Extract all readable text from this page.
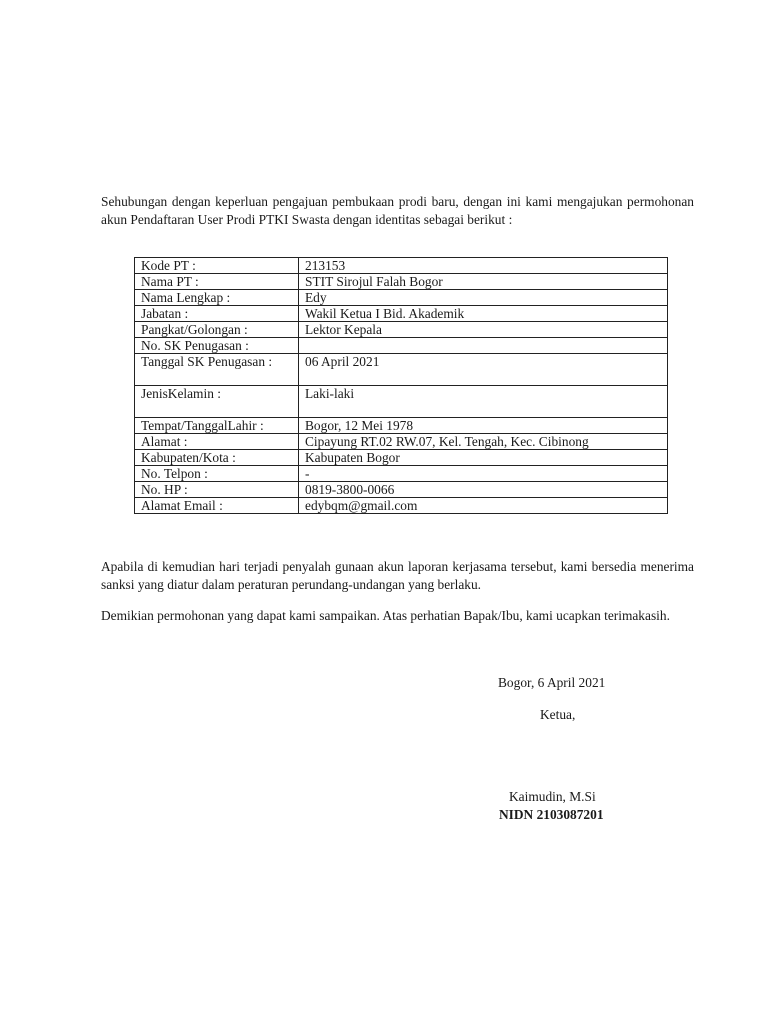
Sehubungan dengan keperluan pengajuan pembukaan prodi baru, dengan ini kami mengajukan permohonan akun Pendaftaran User Prodi PTKI Swasta dengan identitas sebagai berikut :

Kode PT :	213153
Nama PT :	STIT Sirojul Falah Bogor
Nama Lengkap :	Edy
Jabatan :	Wakil Ketua I Bid. Akademik
Pangkat/Golongan :	Lektor Kepala
No. SK Penugasan :	
Tanggal SK Penugasan :	06 April 2021
JenisKelamin :	Laki-laki
Tempat/TanggalLahir :	Bogor, 12 Mei 1978
Alamat :	Cipayung RT.02 RW.07, Kel. Tengah, Kec. Cibinong
Kabupaten/Kota :	Kabupaten Bogor
No. Telpon :	-
No. HP :	0819-3800-0066
Alamat Email :	edybqm@gmail.com

Apabila di kemudian hari terjadi penyalah gunaan akun laporan kerjasama tersebut, kami bersedia menerima sanksi yang diatur dalam peraturan perundang-undangan yang berlaku.

Demikian permohonan yang dapat kami sampaikan. Atas perhatian Bapak/Ibu, kami ucapkan terimakasih.

Bogor, 6 April 2021
Ketua,
Kaimudin, M.Si
NIDN 2103087201
